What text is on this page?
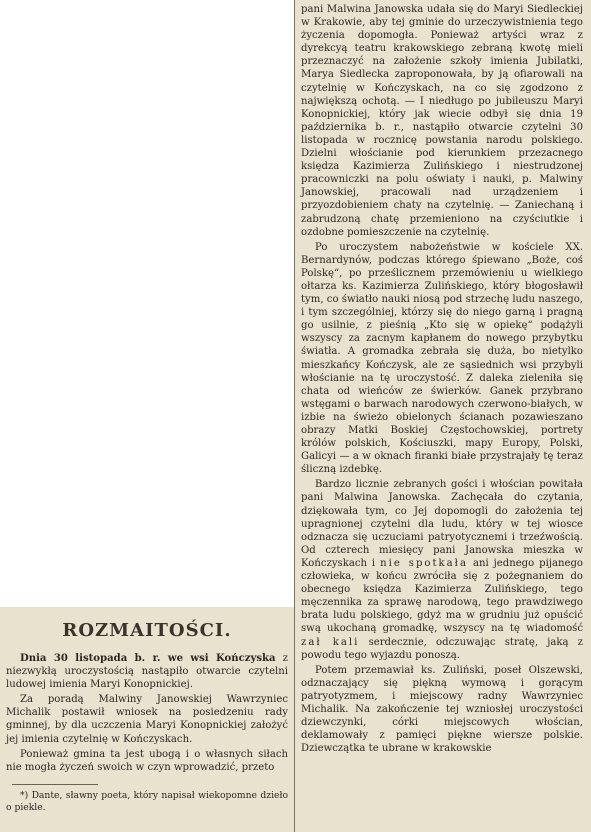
pani Malwina Janowska udała się do Maryi Siedleckiej w Krakowie, aby tej gminie do urzeczywistnienia tego życzenia dopomogła. Ponieważ artyści wraz z dyrekcyą teatru krakowskiego zebraną kwotę mieli przeznaczyć na założenie szkoły imienia Jubilatki, Marya Siedlecka zaproponowała, by ją ofiarowali na czytelnię w Kończyskach, na co się zgodzono z największą ochotą. — I niedługo po jubileuszu Maryi Konopnickiej, który jak wiecie odbył się dnia 19 października b. r., nastąpiło otwarcie czytelni 30 listopada w rocznicę powstania narodu polskiego. Dzielni włościanie pod kierunkiem przezacnego księdza Kazimierza Zulińskiego i niestrudzonej pracowniczki na polu oświaty i nauki, p. Malwiny Janowskiej, pracowali nad urządzeniem i przyozdobieniem chaty na czytelnię. — Zaniechaną i zabrudzoną chatę przemieniono na czyściutkie i ozdobne pomieszczenie na czytelnię.

Po uroczystem nabożeństwie w kościele XX. Bernardynów, podczas którego śpiewano „Boże, coś Polskę“, po prześlicznem przemówieniu u wielkiego ołtarza ks. Kazimierza Zulińskiego, który błogosławił tym, co światło nauki niosą pod strzechę ludu naszego, i tym szczególniej, którzy się do niego garną i pragną go usilnie, z pieśnią „Kto się w opiekę“ podążyli wszyscy za zacnym kapłanem do nowego przybytku światła. A gromadka zebrała się duża, bo nietylko mieszkańcy Kończysk, ale ze sąsiednich wsi przybyli włościanie na tę uroczystość. Z daleka zieleniła się chata od wieńców ze świerków. Ganek przybrano wstęgami o barwach narodowych czerwono-białych, w izbie na świeżo obielonych ścianach pozawieszano obrazy Matki Boskiej Częstochowskiej, portrety królów polskich, Kościuszki, mapy Europy, Polski, Galicyi — a w oknach firanki białe przystrajały tę teraz śliczną izdebkę.

Bardzo licznie zebranych gości i włościan powitała pani Malwina Janowska. Zachęcała do czytania, dziękowała tym, co Jej dopomogli do założenia tej upragnionej czytelni dla ludu, który w tej wiosce odznacza się uczuciami patryotycznemi i trzeźwością. Od czterech miesięcy pani Janowska mieszka w Kończyskach i nie spotkała ani jednego pijanego człowieka, w końcu zwróciła się z pożegnaniem do obecnego księdza Kazimierza Zulińskiego, tego męczennika za sprawę narodową, tego prawdziwego brata ludu polskiego, gdyż ma w grudniu już opuścić swą ukochaną gromadkę, wszyscy na tę wiadomość zał kali serdecznie, odczuwając stratę, jaką z powodu tego wyjazdu ponoszą.

Potem przemawiał ks. Zuliński, poseł Olszewski, odznaczający się piękną wymową i gorącym patryotyzmem, i miejscowy radny Wawrzyniec Michalik. Na zakończenie tej wzniosłej uroczystości dziewczynki, córki miejscowych włościan, deklamowały z pamięci piękne wiersze polskie. Dziewczątka te ubrane w krakowskie

ROZMAITOŚCI.

Dnia 30 listopada b. r. we wsi Kończyska z niezwykłą uroczystością nastąpiło otwarcie czytelni ludowej imienia Maryi Konopnickiej.

Za poradą Malwiny Janowskiej Wawrzyniec Michalik postawił wniosek na posiedzeniu rady gminnej, by dla uczczenia Maryi Konopnickiej założyć jej imienia czytelnię w Kończyskach.

Ponieważ gmina ta jest ubogą i o własnych siłach nie mogła życzeń swoich w czyn wprowadzić, przeto

*) Dante, sławny poeta, który napisał wiekopomne dzieło o piekle.
